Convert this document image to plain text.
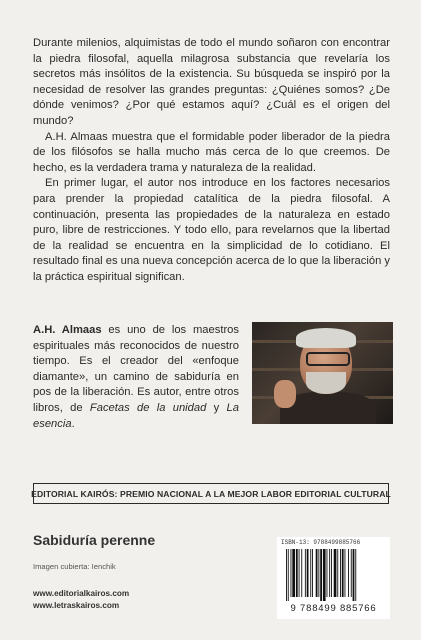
Durante milenios, alquimistas de todo el mundo soñaron con encontrar la piedra filosofal, aquella milagrosa substancia que revelaría los secretos más insólitos de la existencia. Su búsqueda se inspiró por la necesidad de resolver las grandes preguntas: ¿Quiénes somos? ¿De dónde venimos? ¿Por qué estamos aquí? ¿Cuál es el origen del mundo?

A.H. Almaas muestra que el formidable poder liberador de la piedra de los filósofos se halla mucho más cerca de lo que creemos. De hecho, es la verdadera trama y naturaleza de la realidad.

En primer lugar, el autor nos introduce en los factores necesarios para prender la propiedad catalítica de la piedra filosofal. A continuación, presenta las propiedades de la naturaleza en estado puro, libre de restricciones. Y todo ello, para revelarnos que la libertad de la realidad se encuentra en la simplicidad de lo cotidiano. El resultado final es una nueva concepción acerca de lo que la liberación y la práctica espiritual significan.

A.H. Almaas es uno de los maestros espirituales más reconocidos de nuestro tiempo. Es el creador del «enfoque diamante», un camino de sabiduría en pos de la liberación. Es autor, entre otros libros, de Facetas de la unidad y La esencia.

EDITORIAL KAIRÓS: PREMIO NACIONAL A LA MEJOR LABOR EDITORIAL CULTURAL
Sabiduría perenne
Imagen cubierta: Ienchik
www.editorialkairos.com
www.letraskairos.com
ISBN-13: 9788499885766
9 788499 885766
